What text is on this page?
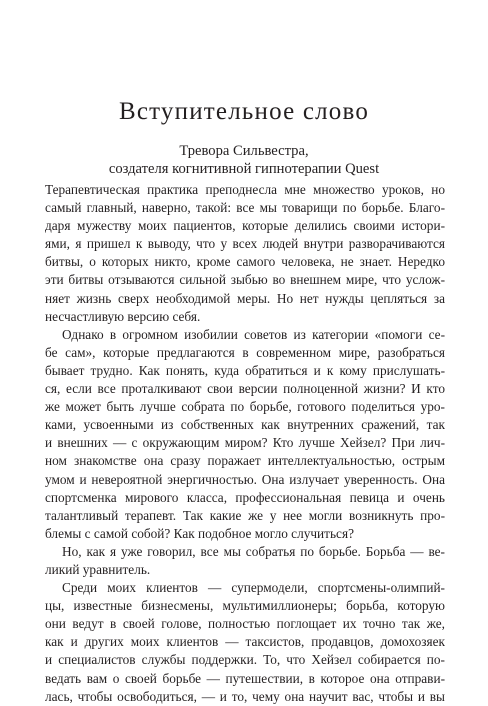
Вступительное слово
Тревора Сильвестра,
создателя когнитивной гипнотерапии Quest
Терапевтическая практика преподнесла мне множество уроков, но
самый главный, наверно, такой: все мы товарищи по борьбе. Благо-
даря мужеству моих пациентов, которые делились своими истори-
ями, я пришел к выводу, что у всех людей внутри разворачиваются
битвы, о которых никто, кроме самого человека, не знает. Нередко
эти битвы отзываются сильной зыбью во внешнем мире, что услож-
няет жизнь сверх необходимой меры. Но нет нужды цепляться за
несчастливую версию себя.
Однако в огромном изобилии советов из категории «помоги се-
бе сам», которые предлагаются в современном мире, разобраться
бывает трудно. Как понять, куда обратиться и к кому прислушать-
ся, если все проталкивают свои версии полноценной жизни? И кто
же может быть лучше собрата по борьбе, готового поделиться уро-
ками, усвоенными из собственных как внутренних сражений, так
и внешних — с окружающим миром? Кто лучше Хейзел? При лич-
ном знакомстве она сразу поражает интеллектуальностью, острым
умом и невероятной энергичностью. Она излучает уверенность. Она
спортсменка мирового класса, профессиональная певица и очень
талантливый терапевт. Так какие же у нее могли возникнуть про-
блемы с самой собой? Как подобное могло случиться?
Но, как я уже говорил, все мы собратья по борьбе. Борьба — ве-
ликий уравнитель.
Среди моих клиентов — супермодели, спортсмены-олимпий-
цы, известные бизнесмены, мультимиллионеры; борьба, которую
они ведут в своей голове, полностью поглощает их точно так же,
как и других моих клиентов — таксистов, продавцов, домохозяек
и специалистов службы поддержки. То, что Хейзел собирается по-
ведать вам о своей борьбе — путешествии, в которое она отправи-
лась, чтобы освободиться, — и то, чему она научит вас, чтобы и вы
